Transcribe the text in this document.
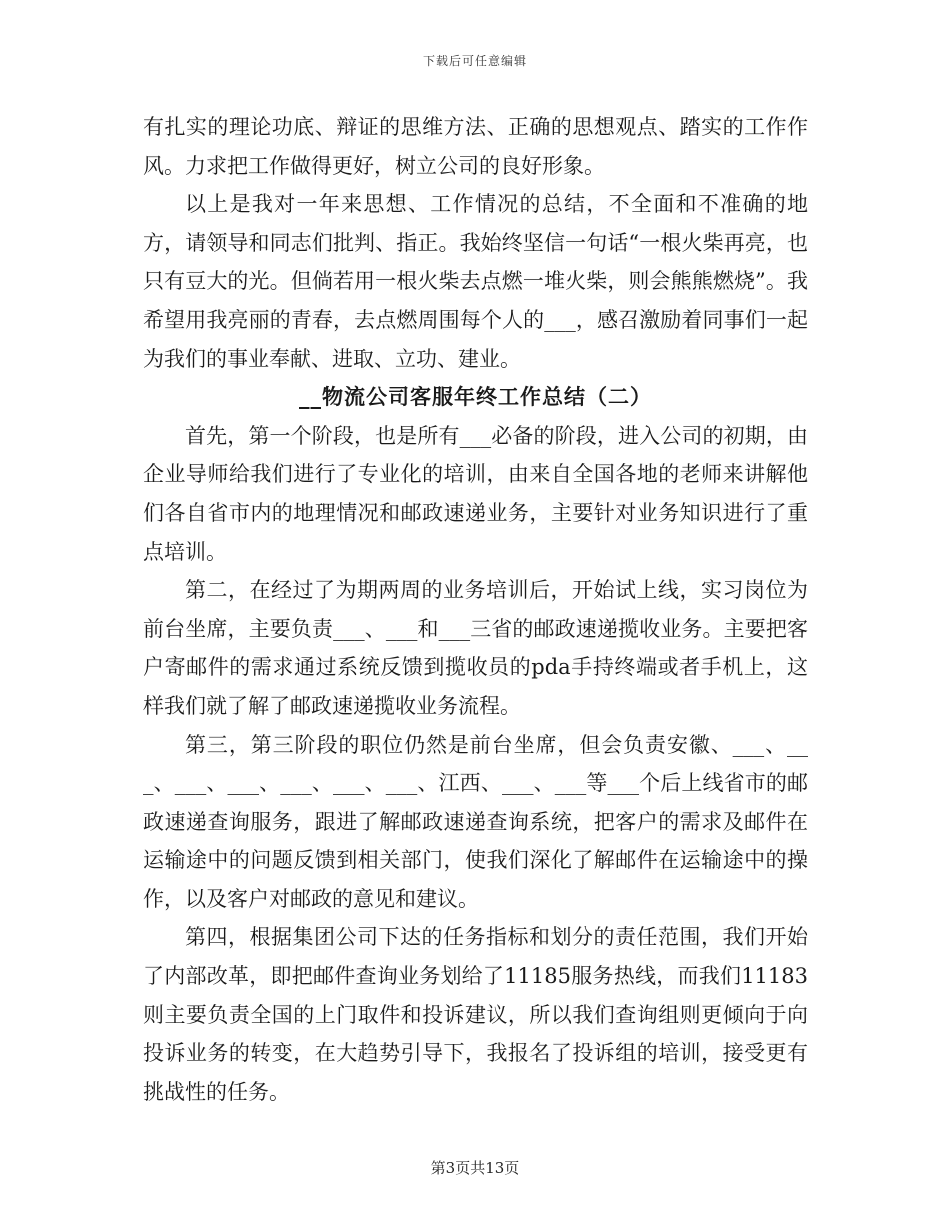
下载后可任意编辑

有扎实的理论功底、辩证的思维方法、正确的思想观点、踏实的工作作风。力求把工作做得更好，树立公司的良好形象。

以上是我对一年来思想、工作情况的总结，不全面和不准确的地方，请领导和同志们批判、指正。我始终坚信一句话“一根火柴再亮，也只有豆大的光。但倘若用一根火柴去点燃一堆火柴，则会熊熊燃烧”。我希望用我亮丽的青春，去点燃周围每个人的___，感召激励着同事们一起为我们的事业奉献、进取、立功、建业。

__物流公司客服年终工作总结（二）

首先，第一个阶段，也是所有___必备的阶段，进入公司的初期，由企业导师给我们进行了专业化的培训，由来自全国各地的老师来讲解他们各自省市内的地理情况和邮政速递业务，主要针对业务知识进行了重点培训。

第二，在经过了为期两周的业务培训后，开始试上线，实习岗位为前台坐席，主要负责___、___和___三省的邮政速递揽收业务。主要把客户寄邮件的需求通过系统反馈到揽收员的pda手持终端或者手机上，这样我们就了解了邮政速递揽收业务流程。

第三，第三阶段的职位仍然是前台坐席，但会负责安徽、___、___、___、___、___、___、___、江西、___、___等___个后上线省市的邮政速递查询服务，跟进了解邮政速递查询系统，把客户的需求及邮件在运输途中的问题反馈到相关部门，使我们深化了解邮件在运输途中的操作，以及客户对邮政的意见和建议。

第四，根据集团公司下达的任务指标和划分的责任范围，我们开始了内部改革，即把邮件查询业务划给了11185服务热线，而我们11183则主要负责全国的上门取件和投诉建议，所以我们查询组则更倾向于向投诉业务的转变，在大趋势引导下，我报名了投诉组的培训，接受更有挑战性的任务。

第3页共13页
